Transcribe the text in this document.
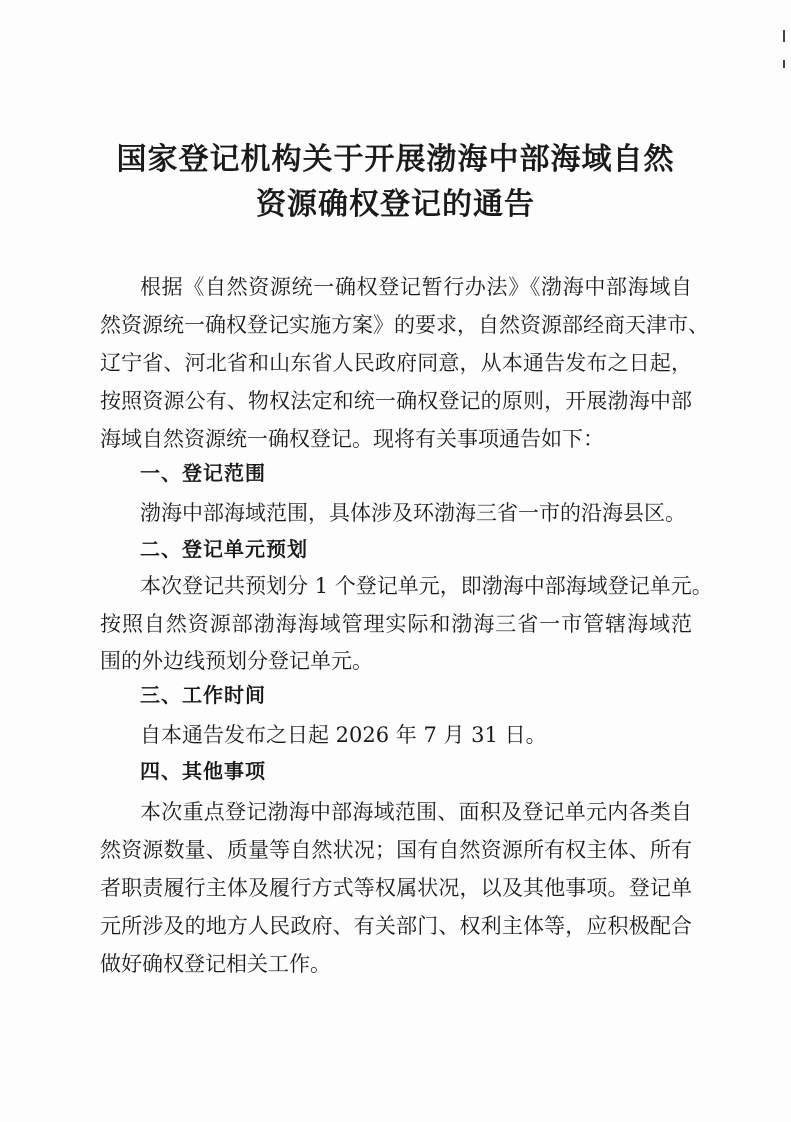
国家登记机构关于开展渤海中部海域自然
资源确权登记的通告
根据《自然资源统一确权登记暂行办法》《渤海中部海域自
然资源统一确权登记实施方案》的要求，自然资源部经商天津市、
辽宁省、河北省和山东省人民政府同意，从本通告发布之日起，
按照资源公有、物权法定和统一确权登记的原则，开展渤海中部
海域自然资源统一确权登记。现将有关事项通告如下：
一、登记范围
渤海中部海域范围，具体涉及环渤海三省一市的沿海县区。
二、登记单元预划
本次登记共预划分 1 个登记单元，即渤海中部海域登记单元。
按照自然资源部渤海海域管理实际和渤海三省一市管辖海域范
围的外边线预划分登记单元。
三、工作时间
自本通告发布之日起 2026 年 7 月 31 日。
四、其他事项
本次重点登记渤海中部海域范围、面积及登记单元内各类自
然资源数量、质量等自然状况；国有自然资源所有权主体、所有
者职责履行主体及履行方式等权属状况，以及其他事项。登记单
元所涉及的地方人民政府、有关部门、权利主体等，应积极配合
做好确权登记相关工作。
